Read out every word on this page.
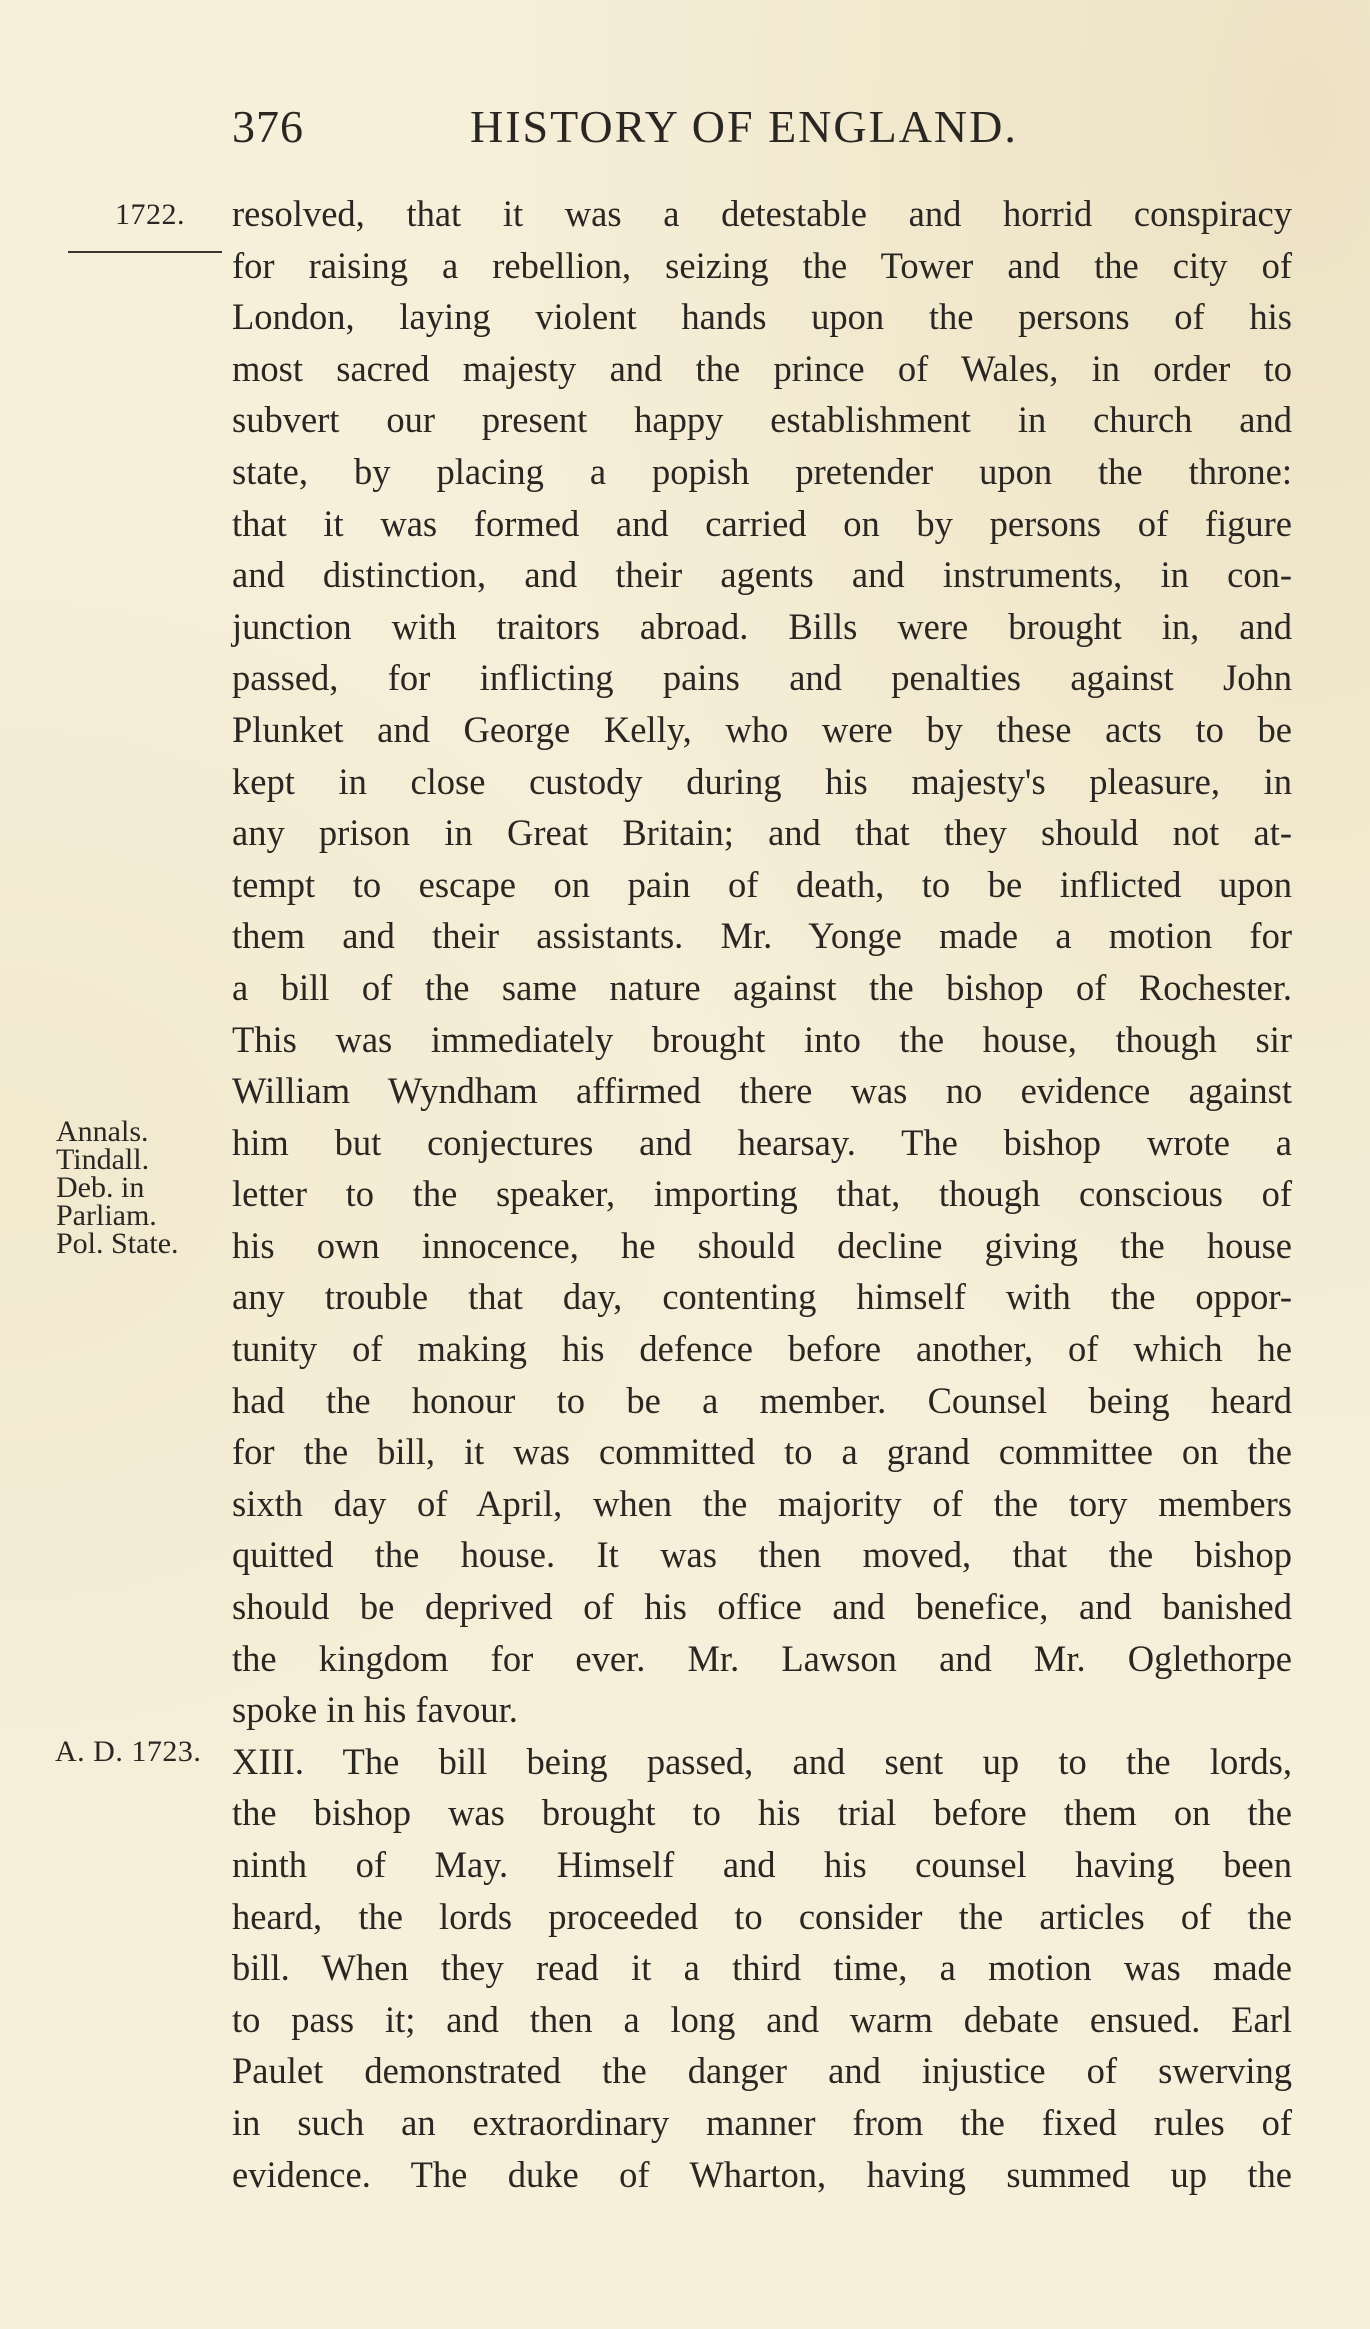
376	HISTORY OF ENGLAND.
1722.
Annals.
Tindall.
Deb. in
Parliam.
Pol. State.
A. D. 1723.
resolved, that it was a detestable and horrid conspiracy
for raising a rebellion, seizing the Tower and the city of
London, laying violent hands upon the persons of his
most sacred majesty and the prince of Wales, in order to
subvert our present happy establishment in church and
state, by placing a popish pretender upon the throne:
that it was formed and carried on by persons of figure
and distinction, and their agents and instruments, in con-
junction with traitors abroad. Bills were brought in, and
passed, for inflicting pains and penalties against John
Plunket and George Kelly, who were by these acts to be
kept in close custody during his majesty's pleasure, in
any prison in Great Britain; and that they should not at-
tempt to escape on pain of death, to be inflicted upon
them and their assistants. Mr. Yonge made a motion for
a bill of the same nature against the bishop of Rochester.
This was immediately brought into the house, though sir
William Wyndham affirmed there was no evidence against
him but conjectures and hearsay. The bishop wrote a
letter to the speaker, importing that, though conscious of
his own innocence, he should decline giving the house
any trouble that day, contenting himself with the oppor-
tunity of making his defence before another, of which he
had the honour to be a member. Counsel being heard
for the bill, it was committed to a grand committee on the
sixth day of April, when the majority of the tory members
quitted the house. It was then moved, that the bishop
should be deprived of his office and benefice, and banished
the kingdom for ever. Mr. Lawson and Mr. Oglethorpe
spoke in his favour.
XIII. The bill being passed, and sent up to the lords,
the bishop was brought to his trial before them on the
ninth of May. Himself and his counsel having been
heard, the lords proceeded to consider the articles of the
bill. When they read it a third time, a motion was made
to pass it; and then a long and warm debate ensued. Earl
Paulet demonstrated the danger and injustice of swerving
in such an extraordinary manner from the fixed rules of
evidence. The duke of Wharton, having summed up the
